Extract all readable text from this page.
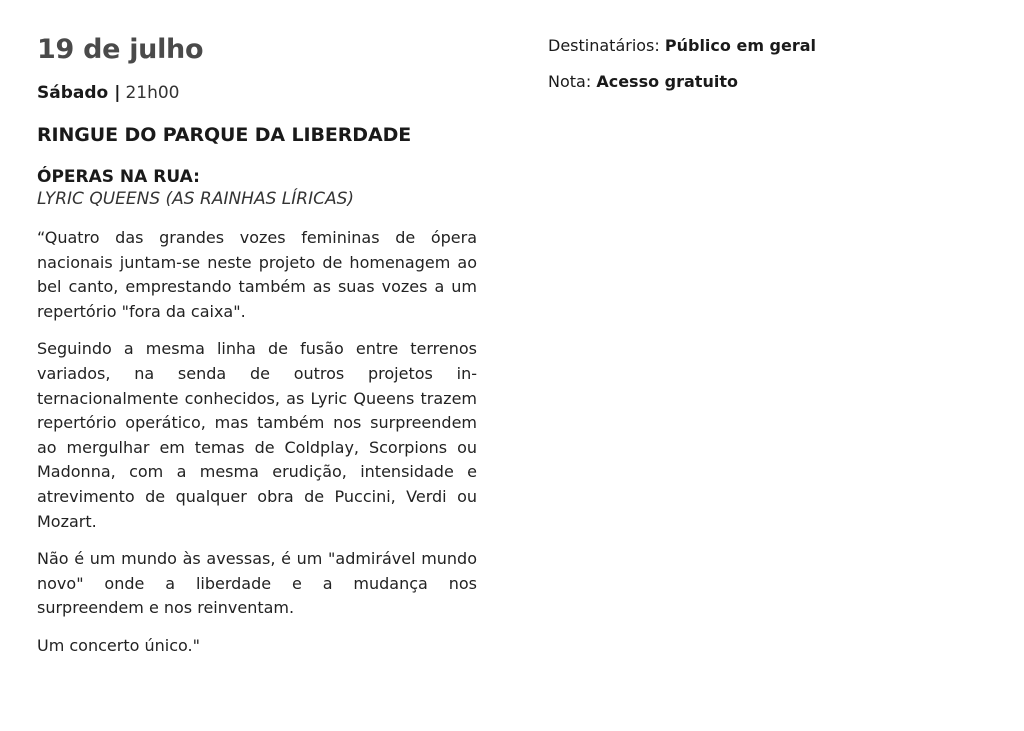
19 de julho
Sábado | 21h00
RINGUE DO PARQUE DA LIBERDADE
ÓPERAS NA RUA:
LYRIC QUEENS (AS RAINHAS LÍRICAS)

“Quatro das grandes vozes femininas de ópera nacionais juntam-se neste projeto de homenagem ao bel canto, emprestando também as suas vozes a um repertório "fora da caixa".

Seguindo a mesma linha de fusão entre terrenos variados, na senda de outros projetos internacionalmente conhecidos, as Lyric Queens trazem repertório operático, mas também nos surpreendem ao mergulhar em temas de Coldplay, Scorpions ou Madonna, com a mesma erudição, intensidade e atrevimento de qualquer obra de Puccini, Verdi ou Mozart.

Não é um mundo às avessas, é um "admirável mundo novo" onde a liberdade e a mudança nos surpreendem e nos reinventam.

Um concerto único."

Destinatários: Público em geral

Nota: Acesso gratuito
